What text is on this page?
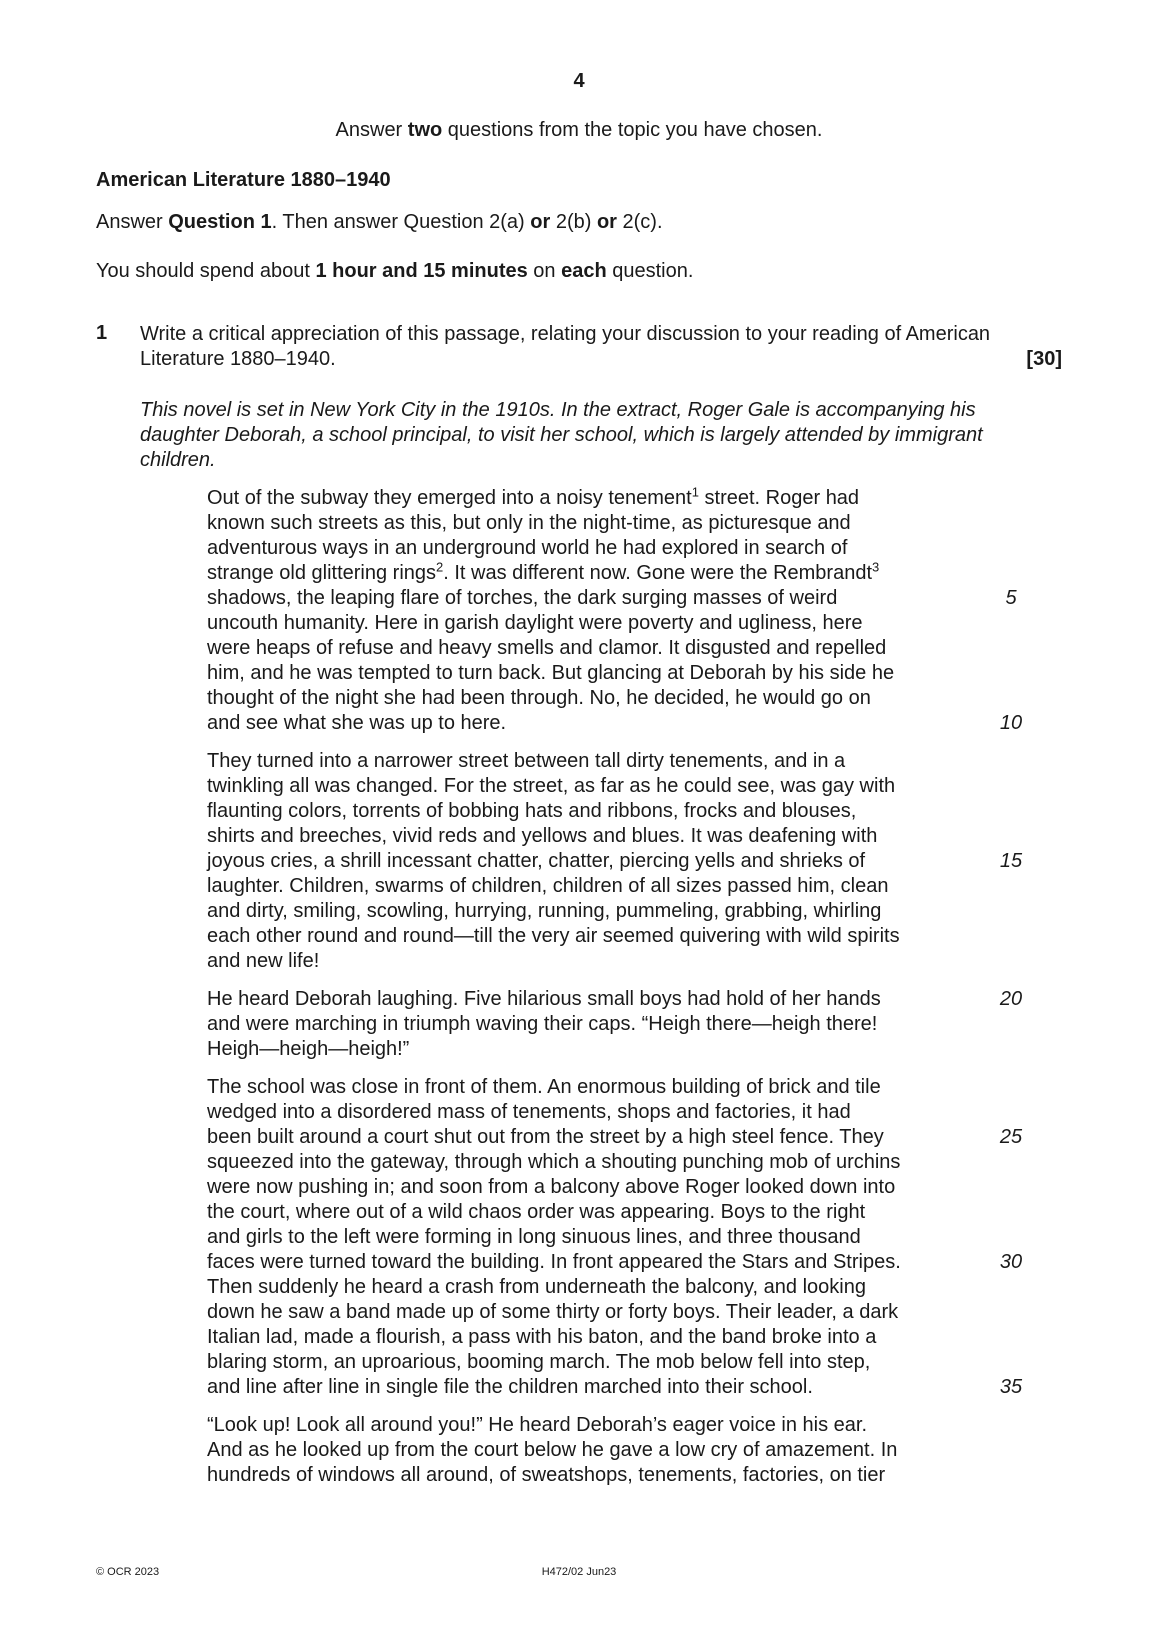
4
Answer two questions from the topic you have chosen.
American Literature 1880–1940
Answer Question 1. Then answer Question 2(a) or 2(b) or 2(c).
You should spend about 1 hour and 15 minutes on each question.
1 Write a critical appreciation of this passage, relating your discussion to your reading of American Literature 1880–1940.	[30]
This novel is set in New York City in the 1910s. In the extract, Roger Gale is accompanying his daughter Deborah, a school principal, to visit her school, which is largely attended by immigrant children.
Out of the subway they emerged into a noisy tenement$^1$ street. Roger had
known such streets as this, but only in the night-time, as picturesque and
adventurous ways in an underground world he had explored in search of
strange old glittering rings$^2$. It was different now. Gone were the Rembrandt$^3$
shadows, the leaping flare of torches, the dark surging masses of weird	5
uncouth humanity. Here in garish daylight were poverty and ugliness, here
were heaps of refuse and heavy smells and clamor. It disgusted and repelled
him, and he was tempted to turn back. But glancing at Deborah by his side he
thought of the night she had been through. No, he decided, he would go on
and see what she was up to here.	10
They turned into a narrower street between tall dirty tenements, and in a
twinkling all was changed. For the street, as far as he could see, was gay with
flaunting colors, torrents of bobbing hats and ribbons, frocks and blouses,
shirts and breeches, vivid reds and yellows and blues. It was deafening with
joyous cries, a shrill incessant chatter, chatter, piercing yells and shrieks of	15
laughter. Children, swarms of children, children of all sizes passed him, clean
and dirty, smiling, scowling, hurrying, running, pummeling, grabbing, whirling
each other round and round—till the very air seemed quivering with wild spirits
and new life!
He heard Deborah laughing. Five hilarious small boys had hold of her hands	20
and were marching in triumph waving their caps. “Heigh there—heigh there!
Heigh—heigh—heigh!”
The school was close in front of them. An enormous building of brick and tile
wedged into a disordered mass of tenements, shops and factories, it had
been built around a court shut out from the street by a high steel fence. They	25
squeezed into the gateway, through which a shouting punching mob of urchins
were now pushing in; and soon from a balcony above Roger looked down into
the court, where out of a wild chaos order was appearing. Boys to the right
and girls to the left were forming in long sinuous lines, and three thousand
faces were turned toward the building. In front appeared the Stars and Stripes.	30
Then suddenly he heard a crash from underneath the balcony, and looking
down he saw a band made up of some thirty or forty boys. Their leader, a dark
Italian lad, made a flourish, a pass with his baton, and the band broke into a
blaring storm, an uproarious, booming march. The mob below fell into step,
and line after line in single file the children marched into their school.	35
“Look up! Look all around you!” He heard Deborah’s eager voice in his ear.
And as he looked up from the court below he gave a low cry of amazement. In
hundreds of windows all around, of sweatshops, tenements, factories, on tier
© OCR 2023	H472/02 Jun23
